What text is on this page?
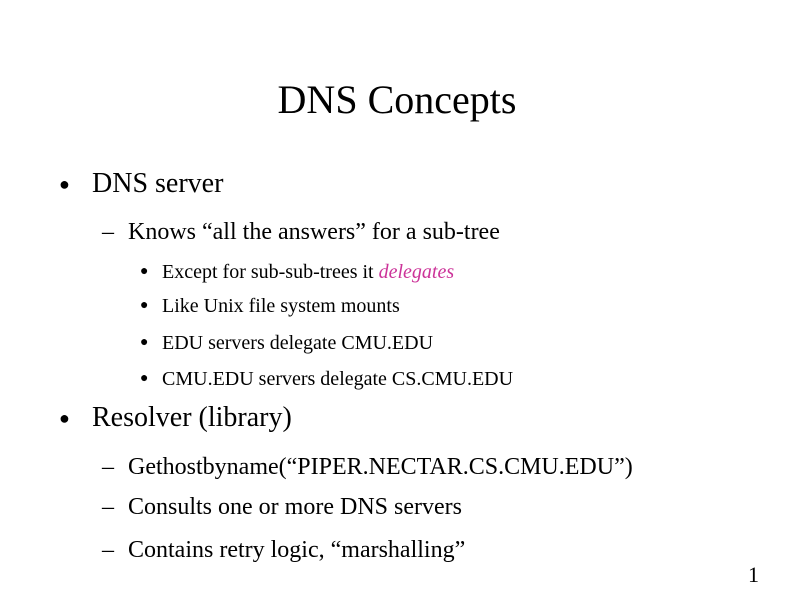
DNS Concepts
● DNS server
– Knows “all the answers” for a sub-tree
● Except for sub-sub-trees it delegates
● Like Unix file system mounts
● EDU servers delegate CMU.EDU
● CMU.EDU servers delegate CS.CMU.EDU
● Resolver (library)
– Gethostbyname(“PIPER.NECTAR.CS.CMU.EDU”)
– Consults one or more DNS servers
– Contains retry logic, “marshalling”
1
